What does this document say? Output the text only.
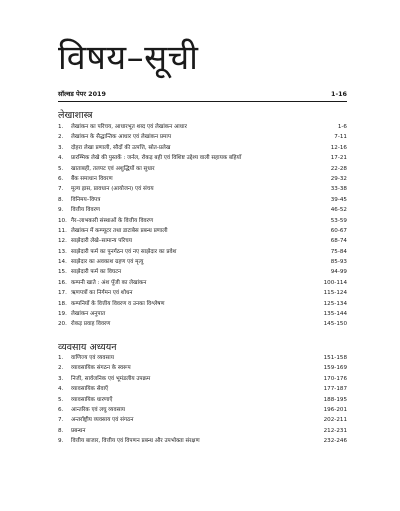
विषय–सूची
सॉल्वड पेपर 2019	1-16
लेखाशास्त्र
1.	लेखांकन का परिचय, आधारभूत शब्द एवं लेखांकन आधार	1-6
2.	लेखांकन के सैद्धान्तिक आधार एवं लेखांकन प्रमाप	7-11
3.	दोहरा लेखा प्रणाली, सौदों की उत्पत्ति, स्रोत-प्रलेख	12-16
4.	प्रारम्भिक लेखे की पुस्तकें : जर्नल, रोकड़ बही एवं विशिष्ट उद्देश्य वाली सहायक बहियाँ	17-21
5.	खाताबही, तलपट एवं अशुद्धियों का सुधार	22-28
6.	बैंक समाधान विवरण	29-32
7.	मूल्य ह्रास, प्रावधान (आयोजन) एवं संचय	33-38
8.	विनिमय–विपत्र	39-45
9.	वित्तीय विवरण	46-52
10. गैर–लाभकारी संस्थाओं के वित्तीय विवरण	53-59
11. लेखांकन में कम्प्यूटर तथा डाटाबेस प्रबन्ध प्रणाली	60-67
12. साझेदारी लेखे–सामान्य परिचय	68-74
13. साझेदारी फर्म का पुनर्गठन एवं नए साझेदार का प्रवेश	75-84
14. साझेदार का अवकाश ग्रहण एवं मृत्यु	85-93
15. साझेदारी फर्म का विघटन	94-99
16. कम्पनी खाते : अंश पूँजी का लेखांकन	100-114
17. ऋणपत्रों का निर्गमन एवं शोधन	115-124
18. कम्पनियों के वित्तीय विवरण व उनका विश्लेषण	125-134
19. लेखांकन अनुपात	135-144
20. रोकड़ प्रवाह विवरण	145-150
व्यवसाय अध्ययन
1.	वाणिज्य एवं व्यवसाय	151-158
2.	व्यावसायिक संगठन के स्वरूप	159-169
3.	निजी, सार्वजनिक एवं भूमंडलीय उपक्रम	170-176
4.	व्यावसायिक सेवाएँ	177-187
5.	व्यावसायिक धारणाएँ	188-195
6.	आन्तरिक एवं लघु व्यवसाय	196-201
7.	अन्तर्राष्ट्रीय व्यवसाय एवं संगठन	202-211
8.	प्रबन्धन	212-231
9.	वित्तीय बाजार, वित्तीय एवं विपणन प्रबन्ध और उपभोक्ता संरक्षण	232-246
